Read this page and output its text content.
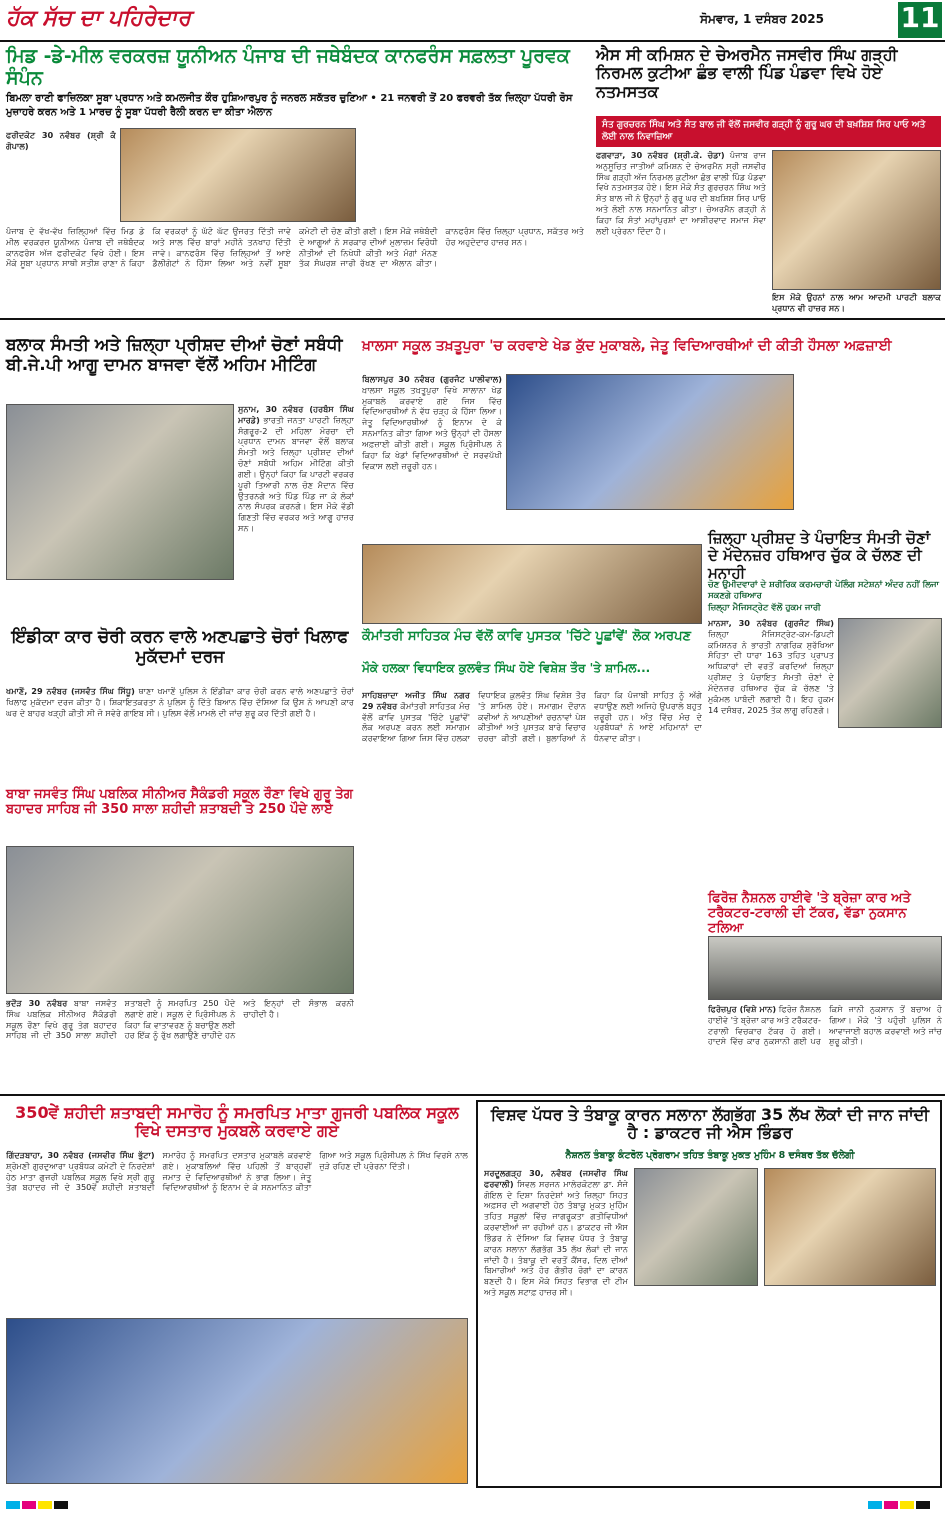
ਹੱਕ ਸੱਚ ਦਾ ਪਹਿਰੇਦਾਰ	ਸੋਮਵਾਰ, 1 ਦਸੰਬਰ 2025	11
ਮਿਡ -ਡੇ-ਮੀਲ ਵਰਕਰਜ਼ ਯੂਨੀਅਨ ਪੰਜਾਬ ਦੀ ਜਥੇਬੰਦਕ ਕਾਨਫਰੰਸ ਸਫ਼ਲਤਾ ਪੂਰਵਕ ਸੰਪੰਨ
ਬਿਮਲਾ ਰਾਣੀ ਫਾਜ਼ਿਲਕਾ ਸੂਬਾ ਪ੍ਰਧਾਨ ਅਤੇ ਕਮਲਜੀਤ ਕੌਰ ਹੁਸ਼ਿਆਰਪੁਰ ਨੂੰ ਜਨਰਲ ਸਕੱਤਰ ਚੁਣਿਆ • 21 ਜਨਵਰੀ ਤੋਂ 20 ਫਰਵਰੀ ਤੱਕ ਜ਼ਿਲ੍ਹਾ ਪੱਧਰੀ ਰੋਸ ਮੁਜ਼ਾਹਰੇ ਕਰਨ ਅਤੇ 1 ਮਾਰਚ ਨੂੰ ਸੂਬਾ ਪੱਧਰੀ ਰੈਲੀ ਕਰਨ ਦਾ ਕੀਤਾ ਐਲਾਨ
ਫਰੀਦਕੋਟ 30 ਨਵੰਬਰ (ਸ਼੍ਰੀ ਕੰ ਗੋਪਾਲ)
ਪੰਜਾਬ ਦੇ ਵੱਖ-ਵੱਖ ਜ਼ਿਲ੍ਹਿਆਂ ਵਿੱਚ ਮਿਡ ਡੇ ਮੀਲ ਵਰਕਰਜ਼ ਯੂਨੀਅਨ ਪੰਜਾਬ ਦੀ ਜਥੇਬੰਦਕ ਕਾਨਫਰੰਸ ਅੱਜ ਫਰੀਦਕੋਟ ਵਿਖੇ ਹੋਈ। ਇਸ ਮੌਕੇ ਸੂਬਾ ਪ੍ਰਧਾਨ ਸਾਥੀ ਸਤੀਸ਼ ਰਾਣਾ ਨੇ ਕਿਹਾ ਕਿ ਵਰਕਰਾਂ ਨੂੰ ਘੱਟੋ ਘੱਟ ਉਜਰਤ ਦਿੱਤੀ ਜਾਵੇ ਅਤੇ ਸਾਲ ਵਿੱਚ ਬਾਰਾਂ ਮਹੀਨੇ ਤਨਖਾਹ ਦਿੱਤੀ ਜਾਵੇ। ਕਾਨਫਰੰਸ ਵਿੱਚ ਜ਼ਿਲ੍ਹਿਆਂ ਤੋਂ ਆਏ ਡੈਲੀਗੇਟਾਂ ਨੇ ਹਿੱਸਾ ਲਿਆ ਅਤੇ ਨਵੀਂ ਸੂਬਾ ਕਮੇਟੀ ਦੀ ਚੋਣ ਕੀਤੀ ਗਈ। ਇਸ ਮੌਕੇ ਜਥੇਬੰਦੀ ਦੇ ਆਗੂਆਂ ਨੇ ਸਰਕਾਰ ਦੀਆਂ ਮੁਲਾਜ਼ਮ ਵਿਰੋਧੀ ਨੀਤੀਆਂ ਦੀ ਨਿਖੇਧੀ ਕੀਤੀ ਅਤੇ ਮੰਗਾਂ ਮੰਨਣ ਤੱਕ ਸੰਘਰਸ਼ ਜਾਰੀ ਰੱਖਣ ਦਾ ਐਲਾਨ ਕੀਤਾ। ਕਾਨਫਰੰਸ ਵਿੱਚ ਜ਼ਿਲ੍ਹਾ ਪ੍ਰਧਾਨ, ਸਕੱਤਰ ਅਤੇ ਹੋਰ ਅਹੁਦੇਦਾਰ ਹਾਜ਼ਰ ਸਨ।
ਐਸ ਸੀ ਕਮਿਸ਼ਨ ਦੇ ਚੇਅਰਮੈਨ ਜਸਵੀਰ ਸਿੰਘ ਗੜ੍ਹੀ ਨਿਰਮਲ ਕੁਟੀਆ ਛੰਭ ਵਾਲੀ ਪਿੰਡ ਪੰਡਵਾ ਵਿਖੇ ਹੋਏ ਨਤਮਸਤਕ
ਸੰਤ ਗੁਰਚਰਨ ਸਿੰਘ ਅਤੇ ਸੰਤ ਬਾਲ ਜੀ ਵੱਲੋਂ ਜਸਵੀਰ ਗੜ੍ਹੀ ਨੂੰ ਗੁਰੂ ਘਰ ਦੀ ਬਖ਼ਸ਼ਿਸ਼ ਸਿਰ ਪਾਓ ਅਤੇ ਲੋਈ ਨਾਲ ਨਿਵਾਜ਼ਿਆ
ਫਗਵਾੜਾ, 30 ਨਵੰਬਰ (ਸ਼੍ਰੀ.ਕੇ. ਚੋਡਾ) ਪੰਜਾਬ ਰਾਜ ਅਨੁਸੂਚਿਤ ਜਾਤੀਆਂ ਕਮਿਸ਼ਨ ਦੇ ਚੇਅਰਮੈਨ ਸ੍ਰੀ ਜਸਵੀਰ ਸਿੰਘ ਗੜ੍ਹੀ ਅੱਜ ਨਿਰਮਲ ਕੁਟੀਆ ਛੰਭ ਵਾਲੀ ਪਿੰਡ ਪੰਡਵਾ ਵਿਖੇ ਨਤਮਸਤਕ ਹੋਏ। ਇਸ ਮੌਕੇ ਸੰਤ ਗੁਰਚਰਨ ਸਿੰਘ ਅਤੇ ਸੰਤ ਬਾਲ ਜੀ ਨੇ ਉਨ੍ਹਾਂ ਨੂੰ ਗੁਰੂ ਘਰ ਦੀ ਬਖ਼ਸ਼ਿਸ਼ ਸਿਰ ਪਾਓ ਅਤੇ ਲੋਈ ਨਾਲ ਸਨਮਾਨਿਤ ਕੀਤਾ। ਚੇਅਰਮੈਨ ਗੜ੍ਹੀ ਨੇ ਕਿਹਾ ਕਿ ਸੰਤਾਂ ਮਹਾਂਪੁਰਸ਼ਾਂ ਦਾ ਆਸ਼ੀਰਵਾਦ ਸਮਾਜ ਸੇਵਾ ਲਈ ਪ੍ਰੇਰਨਾ ਦਿੰਦਾ ਹੈ।
ਇਸ ਮੌਕੇ ਉਹਨਾਂ ਨਾਲ ਆਮ ਆਦਮੀ ਪਾਰਟੀ ਬਲਾਕ ਪ੍ਰਧਾਨ ਵੀ ਹਾਜ਼ਰ ਸਨ।
ਬਲਾਕ ਸੰਮਤੀ ਅਤੇ ਜ਼ਿਲ੍ਹਾ ਪ੍ਰੀਸ਼ਦ ਦੀਆਂ ਚੋਣਾਂ ਸਬੰਧੀ ਬੀ.ਜੇ.ਪੀ ਆਗੂ ਦਾਮਨ ਬਾਜਵਾ ਵੱਲੋਂ ਅਹਿਮ ਮੀਟਿੰਗ
ਸੁਨਾਮ, 30 ਨਵੰਬਰ (ਹਰਬੰਸ ਸਿੰਘ ਮਾਰਡੇ) ਭਾਰਤੀ ਜਨਤਾ ਪਾਰਟੀ ਜ਼ਿਲ੍ਹਾ ਸੰਗਰੂਰ-2 ਦੀ ਮਹਿਲਾ ਮੋਰਚਾ ਦੀ ਪ੍ਰਧਾਨ ਦਾਮਨ ਬਾਜਵਾ ਵੱਲੋਂ ਬਲਾਕ ਸੰਮਤੀ ਅਤੇ ਜ਼ਿਲ੍ਹਾ ਪ੍ਰੀਸ਼ਦ ਦੀਆਂ ਚੋਣਾਂ ਸਬੰਧੀ ਅਹਿਮ ਮੀਟਿੰਗ ਕੀਤੀ ਗਈ। ਉਨ੍ਹਾਂ ਕਿਹਾ ਕਿ ਪਾਰਟੀ ਵਰਕਰ ਪੂਰੀ ਤਿਆਰੀ ਨਾਲ ਚੋਣ ਮੈਦਾਨ ਵਿੱਚ ਉਤਰਨਗੇ ਅਤੇ ਪਿੰਡ ਪਿੰਡ ਜਾ ਕੇ ਲੋਕਾਂ ਨਾਲ ਸੰਪਰਕ ਕਰਨਗੇ। ਇਸ ਮੌਕੇ ਵੱਡੀ ਗਿਣਤੀ ਵਿੱਚ ਵਰਕਰ ਅਤੇ ਆਗੂ ਹਾਜ਼ਰ ਸਨ।
ਖ਼ਾਲਸਾ ਸਕੂਲ ਤਖ਼ਤੂਪੁਰਾ 'ਚ ਕਰਵਾਏ ਖੇਡ ਕੁੱਦ ਮੁਕਾਬਲੇ, ਜੇਤੂ ਵਿਦਿਆਰਥੀਆਂ ਦੀ ਕੀਤੀ ਹੌਸਲਾ ਅਫ਼ਜ਼ਾਈ
ਬਿਲਾਸਪੁਰ 30 ਨਵੰਬਰ (ਗੁਰਜੰਟ ਪਾਲੀਵਾਲ) ਖ਼ਾਲਸਾ ਸਕੂਲ ਤਖ਼ਤੂਪੁਰਾ ਵਿਖੇ ਸਾਲਾਨਾ ਖੇਡ ਮੁਕਾਬਲੇ ਕਰਵਾਏ ਗਏ ਜਿਸ ਵਿੱਚ ਵਿਦਿਆਰਥੀਆਂ ਨੇ ਵੱਧ ਚੜ੍ਹ ਕੇ ਹਿੱਸਾ ਲਿਆ। ਜੇਤੂ ਵਿਦਿਆਰਥੀਆਂ ਨੂੰ ਇਨਾਮ ਦੇ ਕੇ ਸਨਮਾਨਿਤ ਕੀਤਾ ਗਿਆ ਅਤੇ ਉਨ੍ਹਾਂ ਦੀ ਹੌਸਲਾ ਅਫ਼ਜ਼ਾਈ ਕੀਤੀ ਗਈ। ਸਕੂਲ ਪ੍ਰਿੰਸੀਪਲ ਨੇ ਕਿਹਾ ਕਿ ਖੇਡਾਂ ਵਿਦਿਆਰਥੀਆਂ ਦੇ ਸਰਵਪੱਖੀ ਵਿਕਾਸ ਲਈ ਜ਼ਰੂਰੀ ਹਨ।
ਇੰਡੀਕਾ ਕਾਰ ਚੋਰੀ ਕਰਨ ਵਾਲੇ ਅਣਪਛਾਤੇ ਚੋਰਾਂ ਖਿਲਾਫ ਮੁਕੱਦਮਾਂ ਦਰਜ
ਖਮਾਣੋਂ, 29 ਨਵੰਬਰ (ਜਸਵੰਤ ਸਿੰਘ ਸਿੱਧੂ) ਥਾਣਾ ਖਮਾਣੋਂ ਪੁਲਿਸ ਨੇ ਇੰਡੀਕਾ ਕਾਰ ਚੋਰੀ ਕਰਨ ਵਾਲੇ ਅਣਪਛਾਤੇ ਚੋਰਾਂ ਖਿਲਾਫ ਮੁਕੱਦਮਾ ਦਰਜ ਕੀਤਾ ਹੈ। ਸ਼ਿਕਾਇਤਕਰਤਾ ਨੇ ਪੁਲਿਸ ਨੂੰ ਦਿੱਤੇ ਬਿਆਨ ਵਿੱਚ ਦੱਸਿਆ ਕਿ ਉਸ ਨੇ ਆਪਣੀ ਕਾਰ ਘਰ ਦੇ ਬਾਹਰ ਖੜ੍ਹੀ ਕੀਤੀ ਸੀ ਜੋ ਸਵੇਰੇ ਗਾਇਬ ਸੀ। ਪੁਲਿਸ ਵੱਲੋਂ ਮਾਮਲੇ ਦੀ ਜਾਂਚ ਸ਼ੁਰੂ ਕਰ ਦਿੱਤੀ ਗਈ ਹੈ।
ਕੌਮਾਂਤਰੀ ਸਾਹਿਤਕ ਮੰਚ ਵੱਲੋਂ ਕਾਵਿ ਪੁਸਤਕ 'ਚਿੱਟੇ ਪੂਛਾਂਵੇਂ' ਲੋਕ ਅਰਪਣ
ਮੌਕੇ ਹਲਕਾ ਵਿਧਾਇਕ ਕੁਲਵੰਤ ਸਿੰਘ ਹੋਏ ਵਿਸ਼ੇਸ਼ ਤੌਰ 'ਤੇ ਸ਼ਾਮਿਲ...
ਸਾਹਿਬਜ਼ਾਦਾ ਅਜੀਤ ਸਿੰਘ ਨਗਰ 29 ਨਵੰਬਰ ਕੌਮਾਂਤਰੀ ਸਾਹਿਤਕ ਮੰਚ ਵੱਲੋਂ ਕਾਵਿ ਪੁਸਤਕ 'ਚਿੱਟੇ ਪੂਛਾਂਵੇਂ' ਲੋਕ ਅਰਪਣ ਕਰਨ ਲਈ ਸਮਾਗਮ ਕਰਵਾਇਆ ਗਿਆ ਜਿਸ ਵਿੱਚ ਹਲਕਾ ਵਿਧਾਇਕ ਕੁਲਵੰਤ ਸਿੰਘ ਵਿਸ਼ੇਸ਼ ਤੌਰ 'ਤੇ ਸ਼ਾਮਿਲ ਹੋਏ। ਸਮਾਗਮ ਦੌਰਾਨ ਕਵੀਆਂ ਨੇ ਆਪਣੀਆਂ ਰਚਨਾਵਾਂ ਪੇਸ਼ ਕੀਤੀਆਂ ਅਤੇ ਪੁਸਤਕ ਬਾਰੇ ਵਿਚਾਰ ਚਰਚਾ ਕੀਤੀ ਗਈ। ਬੁਲਾਰਿਆਂ ਨੇ ਕਿਹਾ ਕਿ ਪੰਜਾਬੀ ਸਾਹਿਤ ਨੂੰ ਅੱਗੇ ਵਧਾਉਣ ਲਈ ਅਜਿਹੇ ਉਪਰਾਲੇ ਬਹੁਤ ਜ਼ਰੂਰੀ ਹਨ। ਅੰਤ ਵਿੱਚ ਮੰਚ ਦੇ ਪ੍ਰਬੰਧਕਾਂ ਨੇ ਆਏ ਮਹਿਮਾਨਾਂ ਦਾ ਧੰਨਵਾਦ ਕੀਤਾ।
ਜ਼ਿਲ੍ਹਾ ਪ੍ਰੀਸ਼ਦ ਤੇ ਪੰਚਾਇਤ ਸੰਮਤੀ ਚੋਣਾਂ ਦੇ ਮੱਦੇਨਜ਼ਰ ਹਥਿਆਰ ਚੁੱਕ ਕੇ ਚੱਲਣ ਦੀ ਮਨਾਹੀ
ਚੋਣ ਉਮੀਦਵਾਰਾਂ ਦੇ ਸ਼ਰੀਰਿਕ ਕਰਮਚਾਰੀ ਪੋਲਿੰਗ ਸਟੇਸ਼ਨਾਂ ਅੰਦਰ ਨਹੀਂ ਲਿਜਾ ਸਕਣਗੇ ਹਥਿਆਰ
ਜ਼ਿਲ੍ਹਾ ਮੈਜਿਸਟ੍ਰੇਟ ਵੱਲੋਂ ਹੁਕਮ ਜਾਰੀ
ਮਾਨਸਾ, 30 ਨਵੰਬਰ (ਗੁਰਜੰਟ ਸਿੰਘ) ਜ਼ਿਲ੍ਹਾ ਮੈਜਿਸਟ੍ਰੇਟ-ਕਮ-ਡਿਪਟੀ ਕਮਿਸ਼ਨਰ ਨੇ ਭਾਰਤੀ ਨਾਗਰਿਕ ਸੁਰੱਖਿਆ ਸੰਹਿਤਾ ਦੀ ਧਾਰਾ 163 ਤਹਿਤ ਪ੍ਰਾਪਤ ਅਧਿਕਾਰਾਂ ਦੀ ਵਰਤੋਂ ਕਰਦਿਆਂ ਜ਼ਿਲ੍ਹਾ ਪ੍ਰੀਸ਼ਦ ਤੇ ਪੰਚਾਇਤ ਸੰਮਤੀ ਚੋਣਾਂ ਦੇ ਮੱਦੇਨਜ਼ਰ ਹਥਿਆਰ ਚੁੱਕ ਕੇ ਚੱਲਣ 'ਤੇ ਮੁਕੰਮਲ ਪਾਬੰਦੀ ਲਗਾਈ ਹੈ। ਇਹ ਹੁਕਮ 14 ਦਸੰਬਰ, 2025 ਤੱਕ ਲਾਗੂ ਰਹਿਣਗੇ।
ਬਾਬਾ ਜਸਵੰਤ ਸਿੰਘ ਪਬਲਿਕ ਸੀਨੀਅਰ ਸੈਕੰਡਰੀ ਸਕੂਲ ਰੌਣਾ ਵਿਖੇ ਗੁਰੂ ਤੇਗ ਬਹਾਦਰ ਸਾਹਿਬ ਜੀ 350 ਸਾਲਾ ਸ਼ਹੀਦੀ ਸ਼ਤਾਬਦੀ ਤੇ 250 ਪੌਦੇ ਲਾਏ
ਭਦੌੜ 30 ਨਵੰਬਰ ਬਾਬਾ ਜਸਵੰਤ ਸਿੰਘ ਪਬਲਿਕ ਸੀਨੀਅਰ ਸੈਕੰਡਰੀ ਸਕੂਲ ਰੌਣਾ ਵਿਖੇ ਗੁਰੂ ਤੇਗ ਬਹਾਦਰ ਸਾਹਿਬ ਜੀ ਦੀ 350 ਸਾਲਾ ਸ਼ਹੀਦੀ ਸ਼ਤਾਬਦੀ ਨੂੰ ਸਮਰਪਿਤ 250 ਪੌਦੇ ਲਗਾਏ ਗਏ। ਸਕੂਲ ਦੇ ਪ੍ਰਿੰਸੀਪਲ ਨੇ ਕਿਹਾ ਕਿ ਵਾਤਾਵਰਣ ਨੂੰ ਬਚਾਉਣ ਲਈ ਹਰ ਇੱਕ ਨੂੰ ਰੁੱਖ ਲਗਾਉਣੇ ਚਾਹੀਦੇ ਹਨ ਅਤੇ ਇਨ੍ਹਾਂ ਦੀ ਸੰਭਾਲ ਕਰਨੀ ਚਾਹੀਦੀ ਹੈ।
ਫਿਰੋਜ਼ ਨੈਸ਼ਨਲ ਹਾਈਵੇ 'ਤੇ ਬ੍ਰੇਜ਼ਾ ਕਾਰ ਅਤੇ ਟਰੈਕਟਰ-ਟਰਾਲੀ ਦੀ ਟੱਕਰ, ਵੱਡਾ ਨੁਕਸਾਨ ਟਲਿਆ
ਫਿਰੋਜ਼ਪੁਰ (ਵਿਸ਼ੇ ਮਾਨ) ਫਿਰੋਜ਼ ਨੈਸ਼ਨਲ ਹਾਈਵੇ 'ਤੇ ਬ੍ਰੇਜ਼ਾ ਕਾਰ ਅਤੇ ਟਰੈਕਟਰ-ਟਰਾਲੀ ਵਿਚਕਾਰ ਟੱਕਰ ਹੋ ਗਈ। ਹਾਦਸੇ ਵਿੱਚ ਕਾਰ ਨੁਕਸਾਨੀ ਗਈ ਪਰ ਕਿਸੇ ਜਾਨੀ ਨੁਕਸਾਨ ਤੋਂ ਬਚਾਅ ਹੋ ਗਿਆ। ਮੌਕੇ 'ਤੇ ਪਹੁੰਚੀ ਪੁਲਿਸ ਨੇ ਆਵਾਜਾਈ ਬਹਾਲ ਕਰਵਾਈ ਅਤੇ ਜਾਂਚ ਸ਼ੁਰੂ ਕੀਤੀ।
350ਵੇਂ ਸ਼ਹੀਦੀ ਸ਼ਤਾਬਦੀ ਸਮਾਰੋਹ ਨੂੰ ਸਮਰਪਿਤ ਮਾਤਾ ਗੁਜਰੀ ਪਬਲਿਕ ਸਕੂਲ ਵਿਖੇ ਦਸਤਾਰ ਮੁਕਬਲੇ ਕਰਵਾਏ ਗਏ
ਗਿੱਦੜਬਾਹਾ, 30 ਨਵੰਬਰ (ਜਸਵੀਰ ਸਿੰਘ ਭੁੱਟਾ) ਸ਼੍ਰੋਮਣੀ ਗੁਰਦੁਆਰਾ ਪ੍ਰਬੰਧਕ ਕਮੇਟੀ ਦੇ ਨਿਰਦੇਸ਼ਾਂ ਹੇਠ ਮਾਤਾ ਗੁਜਰੀ ਪਬਲਿਕ ਸਕੂਲ ਵਿਖੇ ਸ੍ਰੀ ਗੁਰੂ ਤੇਗ ਬਹਾਦਰ ਜੀ ਦੇ 350ਵੇਂ ਸ਼ਹੀਦੀ ਸ਼ਤਾਬਦੀ ਸਮਾਰੋਹ ਨੂੰ ਸਮਰਪਿਤ ਦਸਤਾਰ ਮੁਕਾਬਲੇ ਕਰਵਾਏ ਗਏ। ਮੁਕਾਬਲਿਆਂ ਵਿੱਚ ਪਹਿਲੀ ਤੋਂ ਬਾਰ੍ਹਵੀਂ ਜਮਾਤ ਦੇ ਵਿਦਿਆਰਥੀਆਂ ਨੇ ਭਾਗ ਲਿਆ। ਜੇਤੂ ਵਿਦਿਆਰਥੀਆਂ ਨੂੰ ਇਨਾਮ ਦੇ ਕੇ ਸਨਮਾਨਿਤ ਕੀਤਾ ਗਿਆ ਅਤੇ ਸਕੂਲ ਪ੍ਰਿੰਸੀਪਲ ਨੇ ਸਿੱਖ ਵਿਰਸੇ ਨਾਲ ਜੁੜੇ ਰਹਿਣ ਦੀ ਪ੍ਰੇਰਨਾ ਦਿੱਤੀ।
ਵਿਸ਼ਵ ਪੱਧਰ ਤੇ ਤੰਬਾਕੂ ਕਾਰਨ ਸਲਾਨਾ ਲੱਗਭੱਗ 35 ਲੱਖ ਲੋਕਾਂ ਦੀ ਜਾਨ ਜਾਂਦੀ ਹੈ : ਡਾਕਟਰ ਜੀ ਐਸ ਭਿੰਡਰ
ਨੈਸ਼ਨਲ ਤੰਬਾਕੂ ਕੰਟਰੋਲ ਪ੍ਰੋਗਰਾਮ ਤਹਿਤ ਤੰਬਾਕੂ ਮੁਕਤ ਮੁਹਿੰਮ 8 ਦਸੰਬਰ ਤੱਕ ਚੱਲੇਗੀ
ਸਰਦੂਲਗੜ੍ਹ 30, ਨਵੰਬਰ (ਜਸਵੀਰ ਸਿੰਘ ਫਰਵਾਲੀ) ਸਿਵਲ ਸਰਜਨ ਮਾਲੇਰਕੋਟਲਾ ਡਾ. ਸੰਜੇ ਗੋਇਲ ਦੇ ਦਿਸ਼ਾ ਨਿਰਦੇਸ਼ਾਂ ਅਤੇ ਜ਼ਿਲ੍ਹਾ ਸਿਹਤ ਅਫ਼ਸਰ ਦੀ ਅਗਵਾਈ ਹੇਠ ਤੰਬਾਕੂ ਮੁਕਤ ਮੁਹਿੰਮ ਤਹਿਤ ਸਕੂਲਾਂ ਵਿੱਚ ਜਾਗਰੂਕਤਾ ਗਤੀਵਿਧੀਆਂ ਕਰਵਾਈਆਂ ਜਾ ਰਹੀਆਂ ਹਨ। ਡਾਕਟਰ ਜੀ ਐਸ ਭਿੰਡਰ ਨੇ ਦੱਸਿਆ ਕਿ ਵਿਸ਼ਵ ਪੱਧਰ ਤੇ ਤੰਬਾਕੂ ਕਾਰਨ ਸਲਾਨਾ ਲੱਗਭੱਗ 35 ਲੱਖ ਲੋਕਾਂ ਦੀ ਜਾਨ ਜਾਂਦੀ ਹੈ। ਤੰਬਾਕੂ ਦੀ ਵਰਤੋਂ ਕੈਂਸਰ, ਦਿਲ ਦੀਆਂ ਬਿਮਾਰੀਆਂ ਅਤੇ ਹੋਰ ਗੰਭੀਰ ਰੋਗਾਂ ਦਾ ਕਾਰਨ ਬਣਦੀ ਹੈ। ਇਸ ਮੌਕੇ ਸਿਹਤ ਵਿਭਾਗ ਦੀ ਟੀਮ ਅਤੇ ਸਕੂਲ ਸਟਾਫ਼ ਹਾਜ਼ਰ ਸੀ।
